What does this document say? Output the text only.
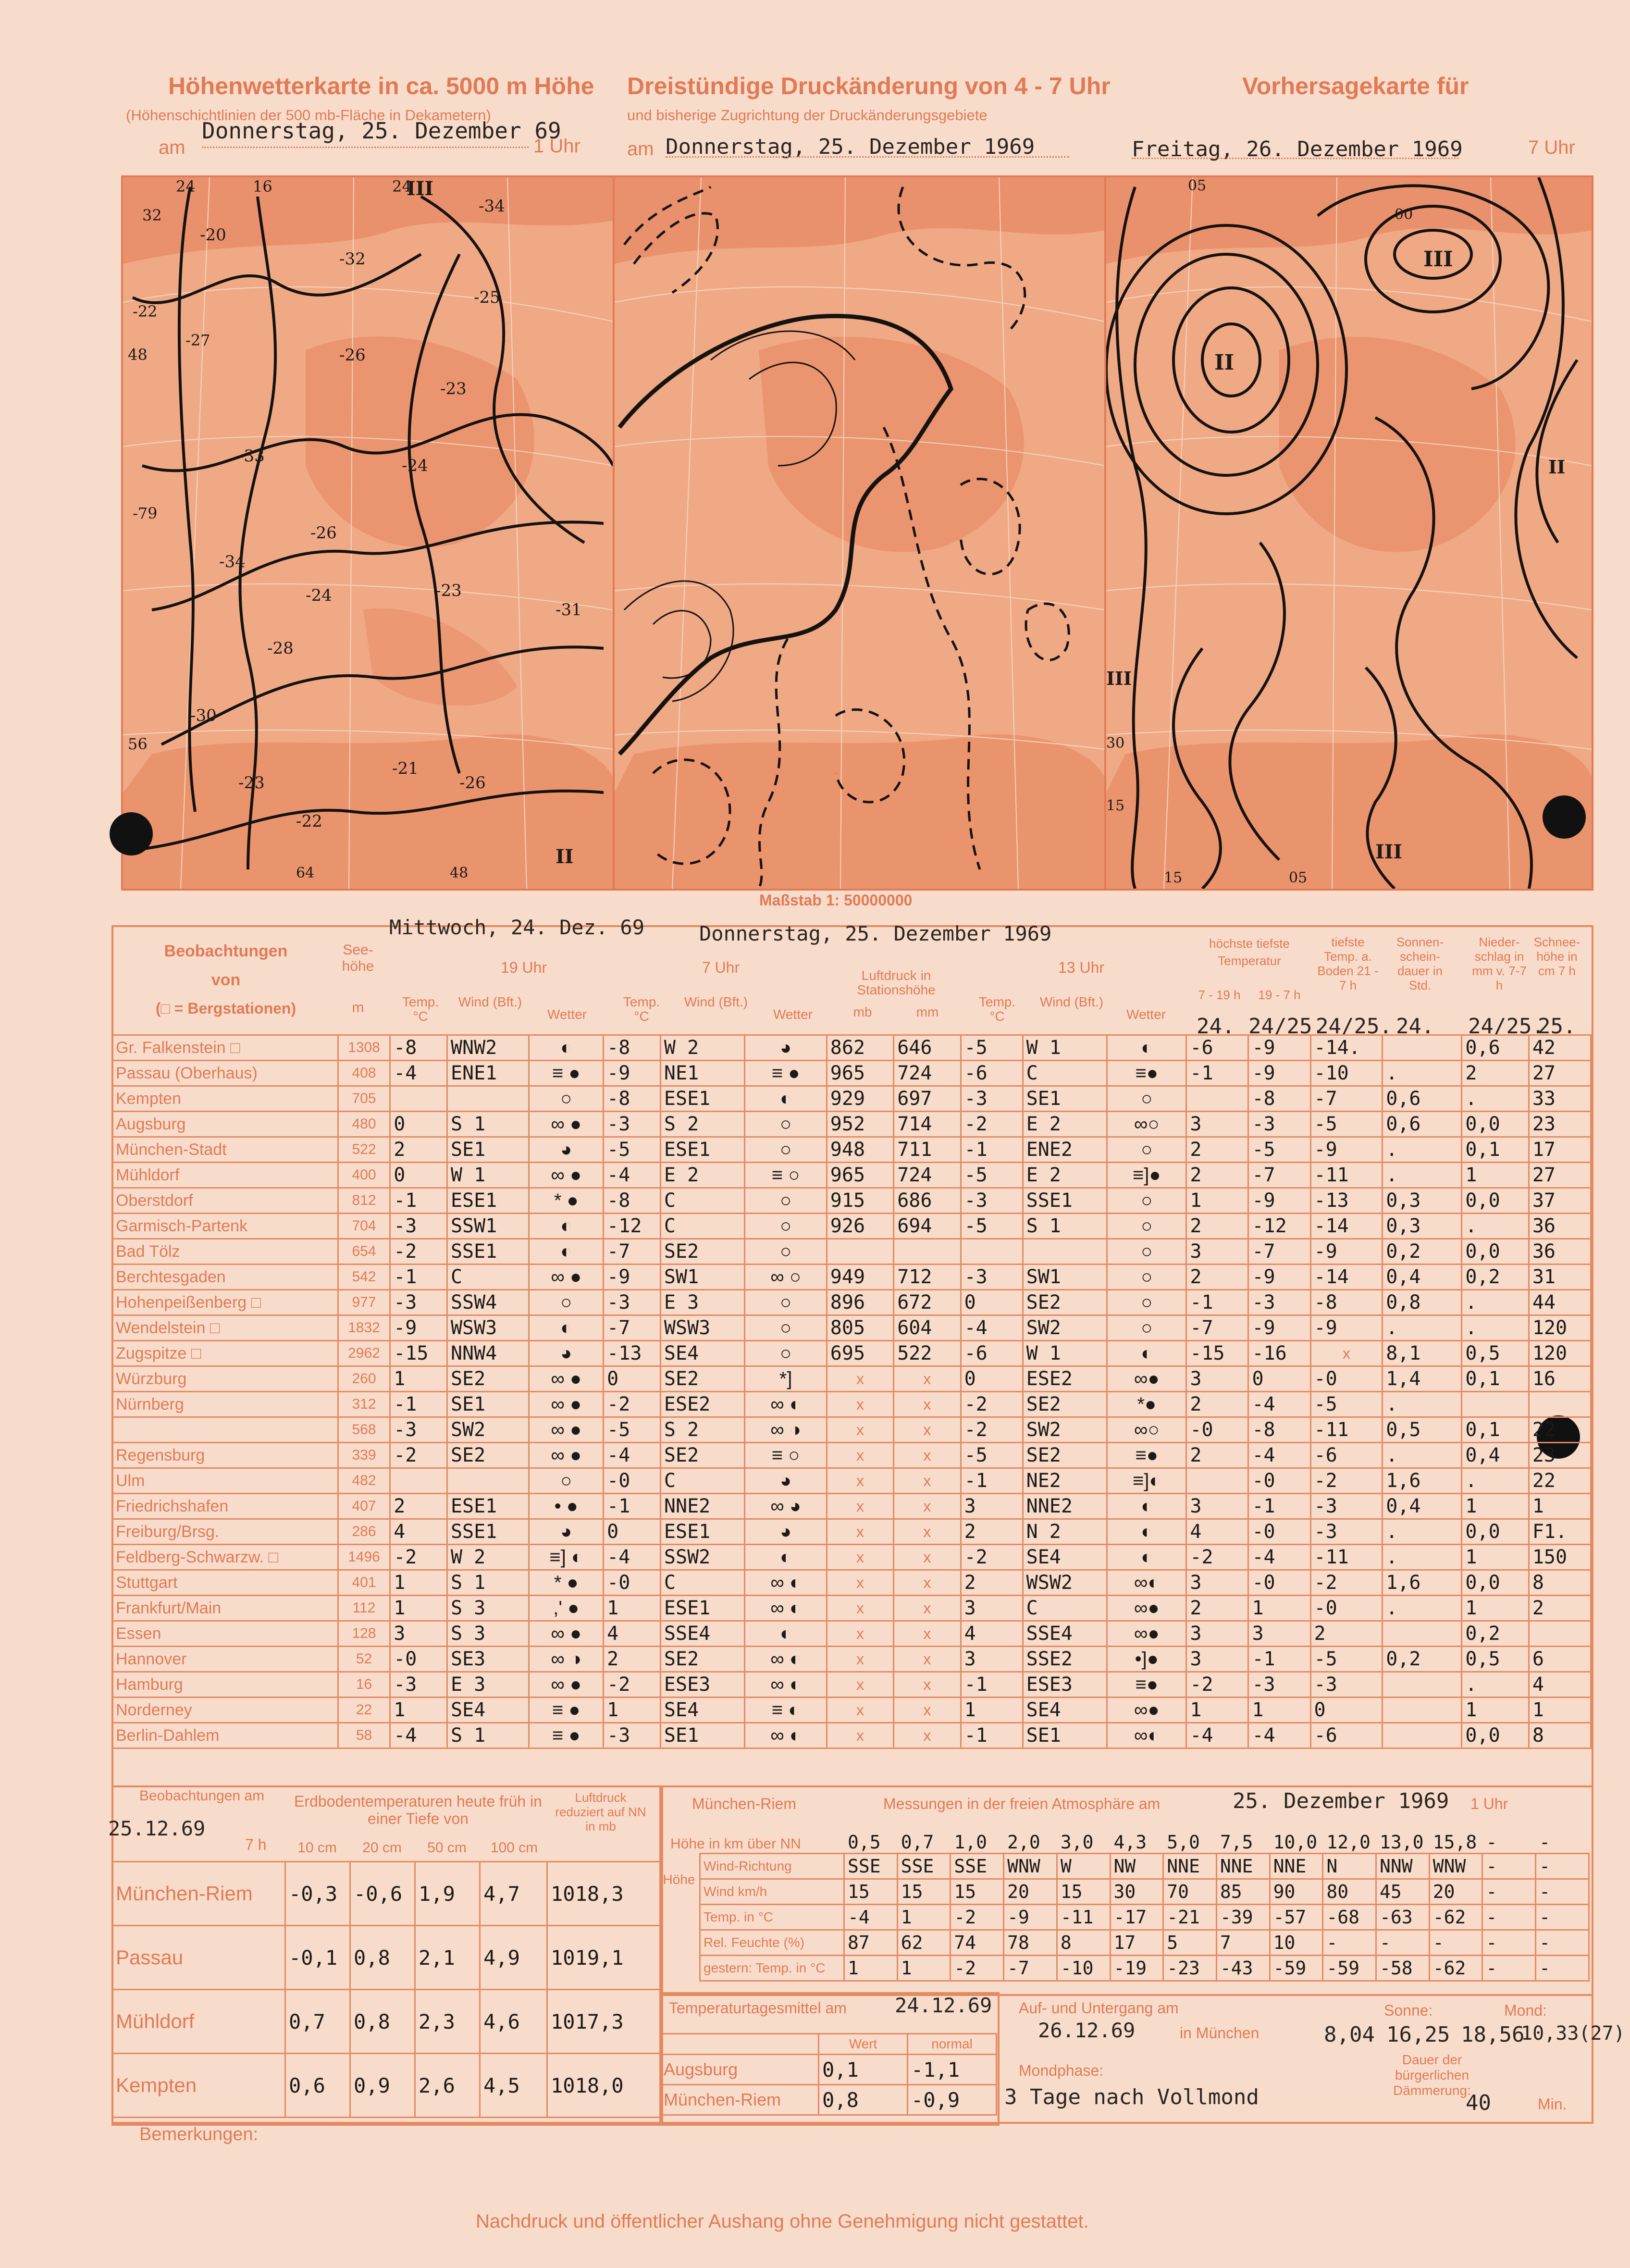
Höhenwetterkarte in ca. 5000 m Höhe
(Höhenschichtlinien der 500 mb-Fläche in Dekametern)
am
Donnerstag, 25. Dezember 69
1 Uhr
Dreistündige Druckänderung von 4 - 7 Uhr
und bisherige Zugrichtung der Druckänderungsgebiete
am Donnerstag, 25. Dezember 1969
Vorhersagekarte für
Freitag, 26. Dezember 1969	7 Uhr
32
24	16	24
-34
-20
-22
-27
48
-32
-26
-25
-23
-33	-24
-26
-79
-34
-24	-23
-31
-28
-30
-26
-23
-22
-21
56
64	48
II
III	05
00
III
II
II
III
III
30
15
15	05
Maßstab 1: 50000000
Mittwoch, 24. Dez. 69	Donnerstag, 25. Dezember 1969
Beobachtungen
von
(□ = Bergstationen)
See-höhe
m
19 Uhr	7 Uhr	13 Uhr
Luftdruck in Stationshöhe
mb	mm
Temp. °C
Wind (Bft.)
Wetter
Temp. °C
Wind (Bft.)
Wetter
Temp. °C
Wind (Bft.)
Wetter
höchste tiefste Temperatur
7 - 19 h	19 - 7 h
tiefste Temp. a. Boden 21 - 7 h
Sonnen-schein-dauer in Std.
Nieder-schlag in mm v. 7-7 h
Schnee-höhe in cm 7 h
24. 24/25.
24/25. 24. 24/25.
25.
Gr. Falkenstein □	1308	-8	WNW2	◐	-8	W 2	◕	862	646	-5	W 1	◐	-6	-9	-14.		0,6	42
Passau (Oberhaus)	408	-4	ENE1	≡ ●	-9	NE1	≡ ●	965	724	-6	C	≡●	-1	-9	-10	.	2	27
Kempten	705			○	-8	ESE1	◐	929	697	-3	SE1	○		-8	-7	0,6	.	33
Augsburg	480	0	S 1	∞ ●	-3	S 2	○	952	714	-2	E 2	∞○	3	-3	-5	0,6	0,0	23
München-Stadt	522	2	SE1	◕	-5	ESE1	○	948	711	-1	ENE2	○	2	-5	-9	.	0,1	17
Mühldorf	400	0	W 1	∞ ●	-4	E 2	≡ ○	965	724	-5	E 2	≡]●	2	-7	-11	.	1	27
Oberstdorf	812	-1	ESE1	* ●	-8	C	○	915	686	-3	SSE1	○	1	-9	-13	0,3	0,0	37
Garmisch-Partenk	704	-3	SSW1	◐	-12	C	○	926	694	-5	S 1	○	2	-12	-14	0,3	.	36
Bad Tölz	654	-2	SSE1	◐	-7	SE2	○					○	3	-7	-9	0,2	0,0	36
Berchtesgaden	542	-1	C	∞ ●	-9	SW1	∞ ○	949	712	-3	SW1	○	2	-9	-14	0,4	0,2	31
Hohenpeißenberg □	977	-3	SSW4	○	-3	E 3	○	896	672	0	SE2	○	-1	-3	-8	0,8	.	44
Wendelstein □	1832	-9	WSW3	◐	-7	WSW3	○	805	604	-4	SW2	○	-7	-9	-9	.	.	120
Zugspitze □	2962	-15	NNW4	◕	-13	SE4	○	695	522	-6	W 1	◐	-15	-16	x	8,1	0,5	120
Würzburg	260	1	SE2	∞ ●	0	SE2	*]	x	x	0	ESE2	∞●	3	0	-0	1,4	0,1	16
Nürnberg	312	-1	SE1	∞ ●	-2	ESE2	∞ ◐	x	x	-2	SE2	*●	2	-4	-5	.		
	568	-3	SW2	∞ ●	-5	S 2	∞ ◑	x	x	-2	SW2	∞○	-0	-8	-11	0,5	0,1	22
Regensburg	339	-2	SE2	∞ ●	-4	SE2	≡ ○	x	x	-5	SE2	≡●	2	-4	-6	.	0,4	23
Ulm	482			○	-0	C	◕	x	x	-1	NE2	≡]◐		-0	-2	1,6	.	22
Friedrichshafen	407	2	ESE1	• ●	-1	NNE2	∞ ◕	x	x	3	NNE2	◐	3	-1	-3	0,4	1	1
Freiburg/Brsg.	286	4	SSE1	◕	0	ESE1	◕	x	x	2	N 2	◐	4	-0	-3	.	0,0	F1.
Feldberg-Schwarzw. □	1496	-2	W 2	≡] ◐	-4	SSW2	◐	x	x	-2	SE4	◐	-2	-4	-11	.	1	150
Stuttgart	401	1	S 1	* ●	-0	C	∞ ◐	x	x	2	WSW2	∞◐	3	-0	-2	1,6	0,0	8
Frankfurt/Main	112	1	S 3	,' ●	1	ESE1	∞ ◐	x	x	3	C	∞●	2	1	-0	.	1	2
Essen	128	3	S 3	∞ ●	4	SSE4	◐	x	x	4	SSE4	∞●	3	3	2		0,2	
Hannover	52	-0	SE3	∞ ◑	2	SE2	∞ ◐	x	x	3	SSE2	•]●	3	-1	-5	0,2	0,5	6
Hamburg	16	-3	E 3	∞ ●	-2	ESE3	∞ ◐	x	x	-1	ESE3	≡●	-2	-3	-3		.	4
Norderney	22	1	SE4	≡ ●	1	SE4	≡ ◐	x	x	1	SE4	∞●	1	1	0		1	1
Berlin-Dahlem	58	-4	S 1	≡ ●	-3	SE1	∞ ◐	x	x	-1	SE1	∞◐	-4	-4	-6		0,0	8
Beobachtungen am
25.12.69
7 h
Erdbodentemperaturen heute früh in einer Tiefe von
Luftdruck reduziert auf NN in mb
10 cm	20 cm	50 cm	100 cm
München-Riem	-0,3	-0,6	1,9	4,7	1018,3
Passau	-0,1	0,8	2,1	4,9	1019,1
Mühldorf	0,7	0,8	2,3	4,6	1017,3
Kempten	0,6	0,9	2,6	4,5	1018,0
München-Riem	Messungen in der freien Atmosphäre am	25. Dezember 1969 1 Uhr
Höhe in km über NN
Höhe
0,5	0,7	1,0	2,0	3,0	4,3	5,0	7,5	10,0	12,0	13,0	15,8	-	-
Wind-Richtung	SSE	SSE	SSE	WNW	W	NW	NNE	NNE	NNE	N	NNW	WNW	-	-
Wind km/h	15	15	15	20	15	30	70	85	90	80	45	20	-	-
Temp. in °C	-4	1	-2	-9	-11	-17	-21	-39	-57	-68	-63	-62	-	-
Rel. Feuchte (%)	87	62	74	78	8	17	5	7	10	-	-	-	-	-
gestern: Temp. in °C	1	1	-2	-7	-10	-19	-23	-43	-59	-59	-58	-62	-	-
Temperaturtagesmittel am 24.12.69
	Wert	normal
Augsburg	0,1	-1,1
München-Riem	0,8	-0,9
Auf- und Untergang am
26.12.69	in München
Sonne:	Mond:
8,04 16,25 18,56
10,33(27)
Mondphase:
3 Tage nach Vollmond
Dauer der bürgerlichen Dämmerung:
40	Min.
Bemerkungen:
Nachdruck und öffentlicher Aushang ohne Genehmigung nicht gestattet.
